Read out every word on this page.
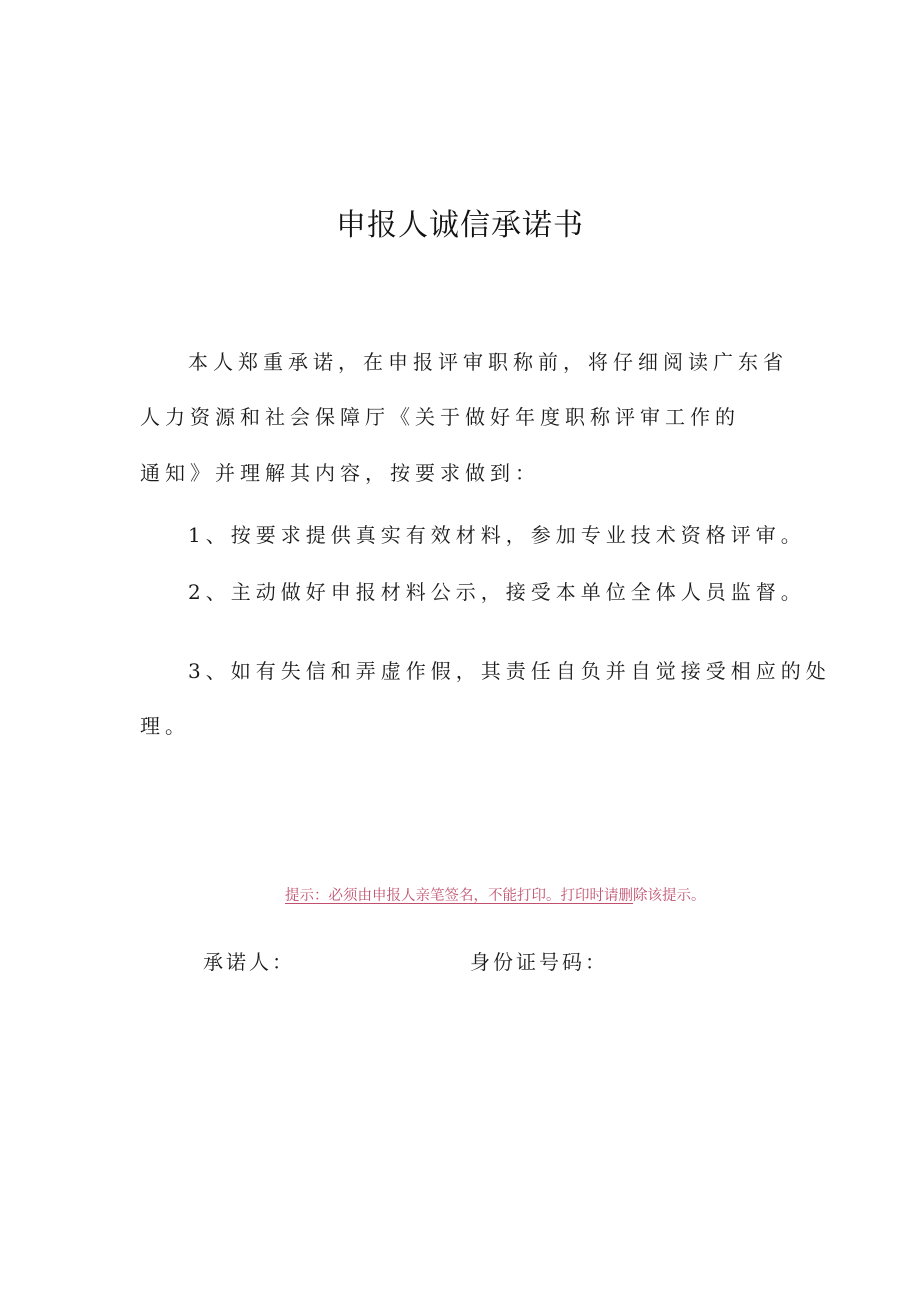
申报人诚信承诺书
本人郑重承诺，在申报评审职称前，将仔细阅读广东省
人力资源和社会保障厅《关于做好年度职称评审工作的
通知》并理解其内容，按要求做到：
1、按要求提供真实有效材料，参加专业技术资格评审。
2、主动做好申报材料公示，接受本单位全体人员监督。
3、如有失信和弄虚作假，其责任自负并自觉接受相应的处
理。
提示：必须由申报人亲笔签名，不能打印。打印时请删除该提示。
承诺人：	身份证号码：
